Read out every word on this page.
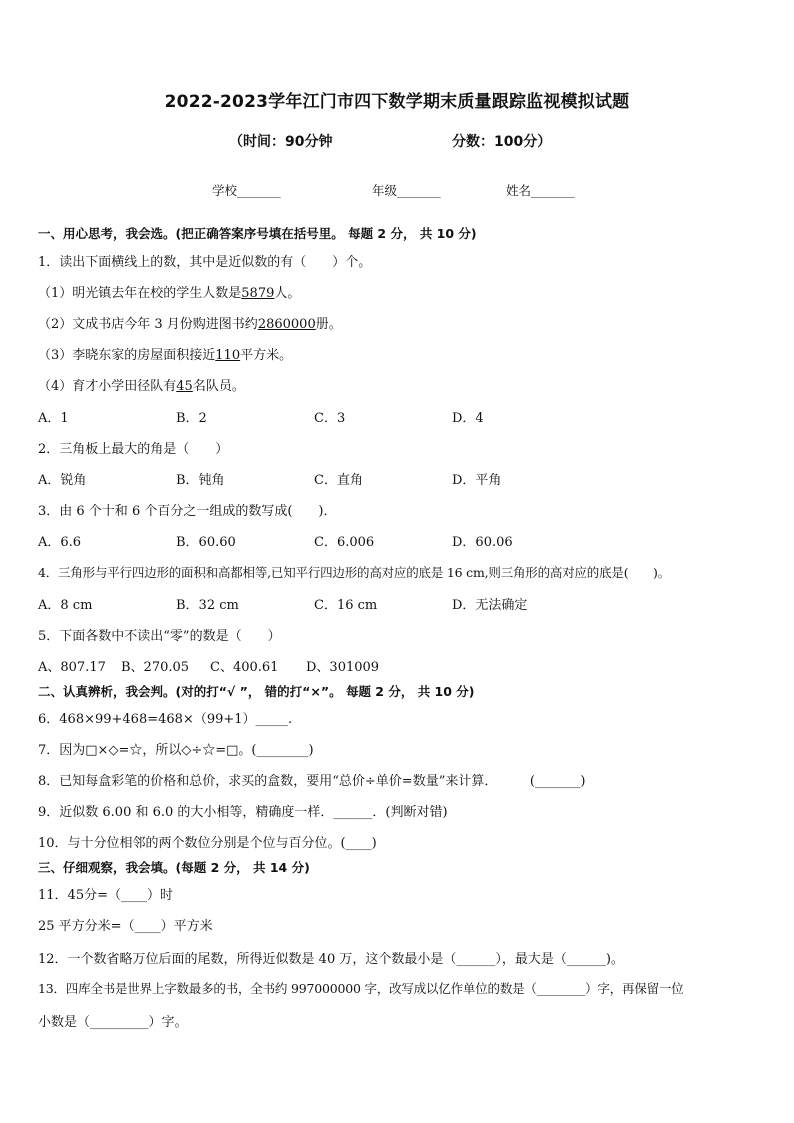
2022-2023学年江门市四下数学期末质量跟踪监视模拟试题
（时间：90分钟	分数：100分）
学校_______	年级_______	姓名_______
一、用心思考，我会选。(把正确答案序号填在括号里。 每题 2 分， 共 10 分)
1．读出下面横线上的数，其中是近似数的有（　　）个。
（1）明光镇去年在校的学生人数是5879人。
（2）文成书店今年 3 月份购进图书约2860000册。
（3）李晓东家的房屋面积接近110平方米。
（4）育才小学田径队有45名队员。
A．1	B．2	C．3	D．4
2．三角板上最大的角是（　　）
A．锐角	B．钝角	C．直角	D．平角
3．由 6 个十和 6 个百分之一组成的数写成(　　)．
A．6.6	B．60.60	C．6.006	D．60.06
4．三角形与平行四边形的面积和高都相等,已知平行四边形的高对应的底是 16 cm,则三角形的高对应的底是(　　)。
A．8 cm	B．32 cm	C．16 cm	D．无法确定
5．下面各数中不读出“零”的数是（　　）
A、807.17 B、270.05 C、400.61 D、301009
二、认真辨析，我会判。(对的打“√ ”， 错的打“×”。 每题 2 分， 共 10 分)
6．468×99+468=468×（99+1）_____.
7．因为□×◇=☆，所以◇÷☆=□。(________)
8．已知每盒彩笔的价格和总价，求买的盒数，要用“总价÷单价=数量”来计算．　　　(_______)
9．近似数 6.00 和 6.0 的大小相等，精确度一样．______．(判断对错)
10．与十分位相邻的两个数位分别是个位与百分位。(____)
三、仔细观察，我会填。(每题 2 分， 共 14 分)
11．45分=（____）时
25 平方分米=（____）平方米
12．一个数省略万位后面的尾数，所得近似数是 40 万，这个数最小是（______），最大是（______)。
13．四库全书是世界上字数最多的书，全书约 997000000 字，改写成以亿作单位的数是（________）字，再保留一位
小数是（_________）字。
